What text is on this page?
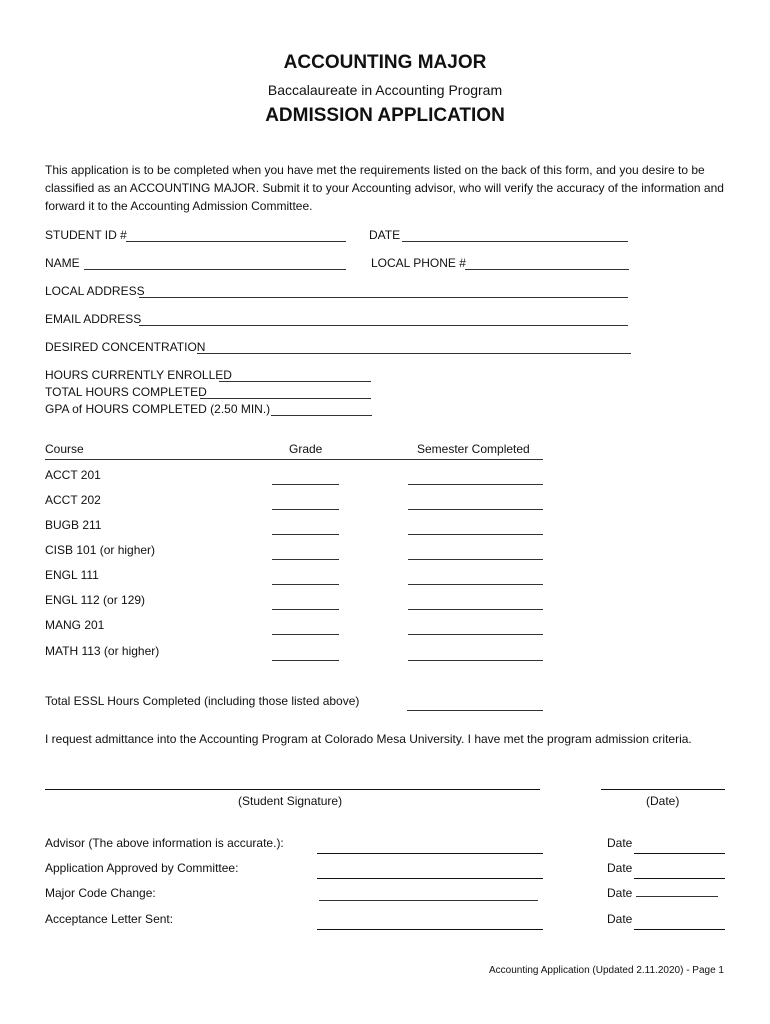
ACCOUNTING MAJOR
Baccalaureate in Accounting Program
ADMISSION APPLICATION
This application is to be completed when you have met the requirements listed on the back of this form, and you desire to be classified as an ACCOUNTING MAJOR. Submit it to your Accounting advisor, who will verify the accuracy of the information and forward it to the Accounting Admission Committee.
STUDENT ID #	DATE
NAME	LOCAL PHONE #
LOCAL ADDRESS
EMAIL ADDRESS
DESIRED CONCENTRATION
HOURS CURRENTLY ENROLLED
TOTAL HOURS COMPLETED
GPA of HOURS COMPLETED (2.50 MIN.)
Course	Grade	Semester Completed
ACCT 201
ACCT 202
BUGB 211
CISB 101 (or higher)
ENGL 111
ENGL 112 (or 129)
MANG 201
MATH 113 (or higher)
Total ESSL Hours Completed (including those listed above)
I request admittance into the Accounting Program at Colorado Mesa University. I have met the program admission criteria.
(Student Signature)	(Date)
Advisor (The above information is accurate.):	Date
Application Approved by Committee:	Date
Major Code Change:	Date
Acceptance Letter Sent:	Date
Accounting Application (Updated 2.11.2020) - Page 1
